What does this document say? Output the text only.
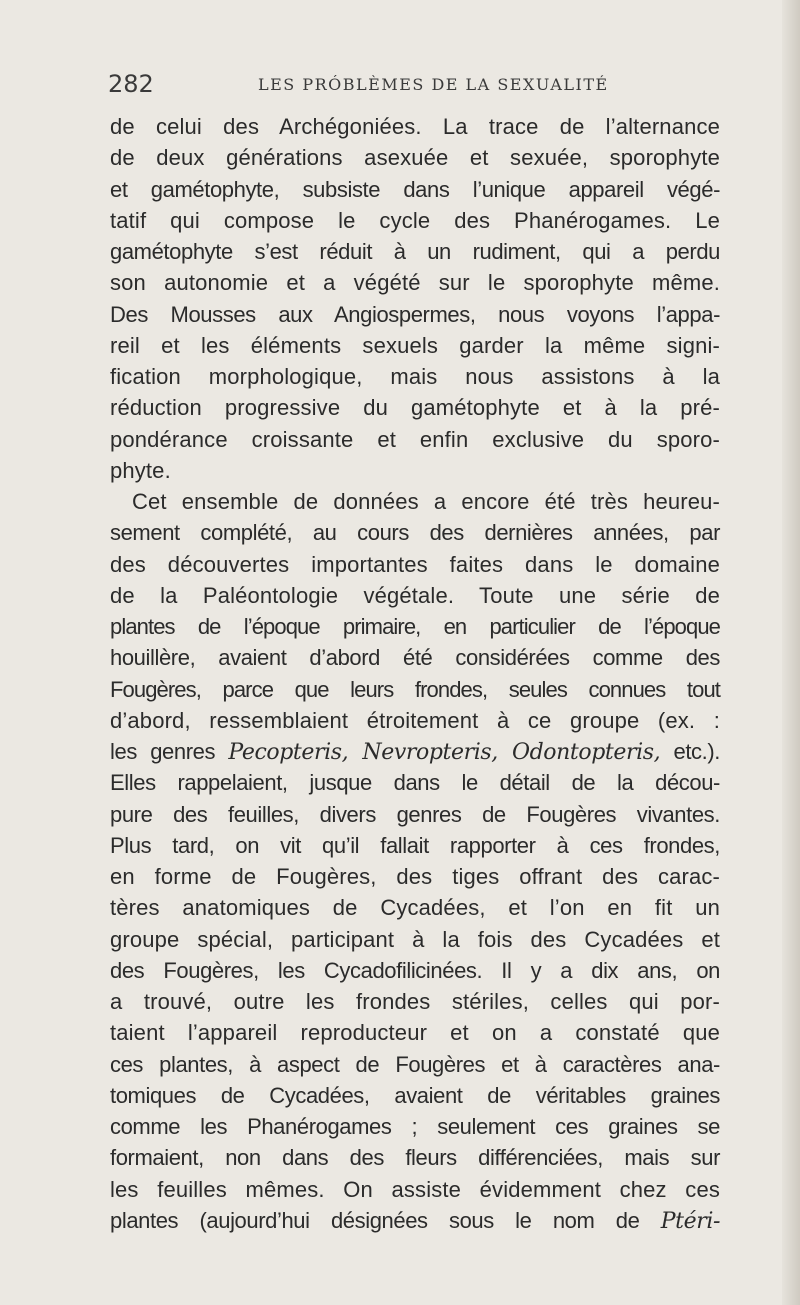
282	LES PRÓBLÈMES DE LA SEXUALITÉ
de celui des Archégoniées. La trace de l’alternance
de deux générations asexuée et sexuée, sporophyte
et gamétophyte, subsiste dans l’unique appareil végé-
tatif qui compose le cycle des Phanérogames. Le
gamétophyte s’est réduit à un rudiment, qui a perdu
son autonomie et a végété sur le sporophyte même.
Des Mousses aux Angiospermes, nous voyons l’appa-
reil et les éléments sexuels garder la même signi-
fication morphologique, mais nous assistons à la
réduction progressive du gamétophyte et à la pré-
pondérance croissante et enfin exclusive du sporo-
phyte.
Cet ensemble de données a encore été très heureu-
sement complété, au cours des dernières années, par
des découvertes importantes faites dans le domaine
de la Paléontologie végétale. Toute une série de
plantes de l’époque primaire, en particulier de l’époque
houillère, avaient d’abord été considérées comme des
Fougères, parce que leurs frondes, seules connues tout
d’abord, ressemblaient étroitement à ce groupe (ex. :
les genres Pecopteris, Nevropteris, Odontopteris, etc.).
Elles rappelaient, jusque dans le détail de la décou-
pure des feuilles, divers genres de Fougères vivantes.
Plus tard, on vit qu’il fallait rapporter à ces frondes,
en forme de Fougères, des tiges offrant des carac-
tères anatomiques de Cycadées, et l’on en fit un
groupe spécial, participant à la fois des Cycadées et
des Fougères, les Cycadofilicinées. Il y a dix ans, on
a trouvé, outre les frondes stériles, celles qui por-
taient l’appareil reproducteur et on a constaté que
ces plantes, à aspect de Fougères et à caractères ana-
tomiques de Cycadées, avaient de véritables graines
comme les Phanérogames ; seulement ces graines se
formaient, non dans des fleurs différenciées, mais sur
les feuilles mêmes. On assiste évidemment chez ces
plantes (aujourd’hui désignées sous le nom de Ptéri-
